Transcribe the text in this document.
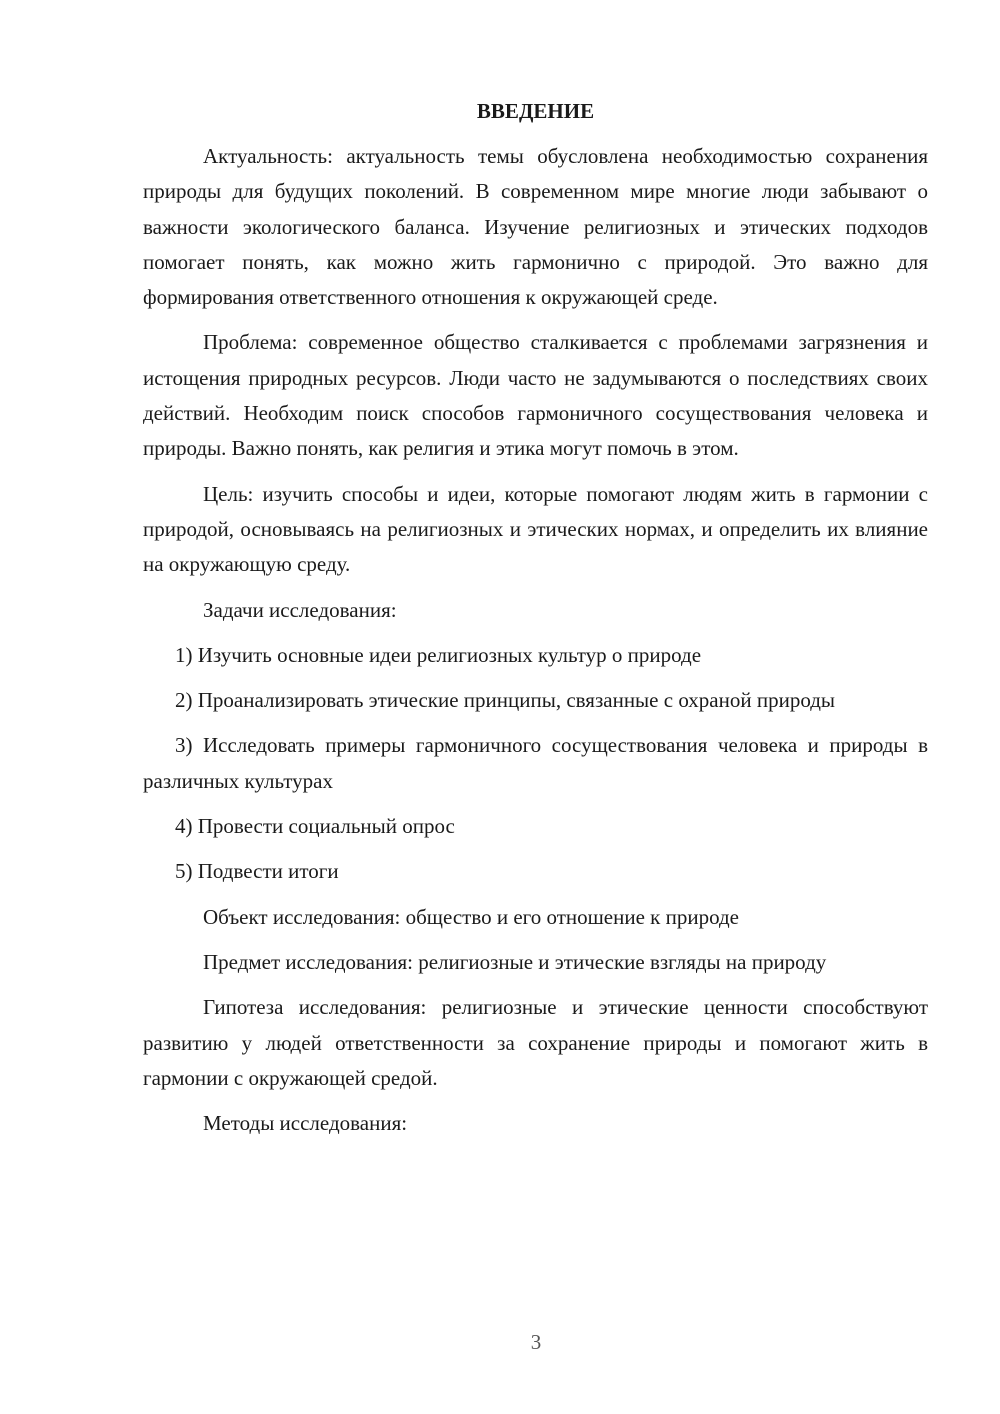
ВВЕДЕНИЕ

Актуальность: актуальность темы обусловлена необходимостью сохранения природы для будущих поколений. В современном мире многие люди забывают о важности экологического баланса. Изучение религиозных и этических подходов помогает понять, как можно жить гармонично с природой. Это важно для формирования ответственного отношения к окружающей среде.

Проблема: современное общество сталкивается с проблемами загрязнения и истощения природных ресурсов. Люди часто не задумываются о последствиях своих действий. Необходим поиск способов гармоничного сосуществования человека и природы. Важно понять, как религия и этика могут помочь в этом.

Цель: изучить способы и идеи, которые помогают людям жить в гармонии с природой, основываясь на религиозных и этических нормах, и определить их влияние на окружающую среду.

Задачи исследования:

1) Изучить основные идеи религиозных культур о природе

2) Проанализировать этические принципы, связанные с охраной природы

3) Исследовать примеры гармоничного сосуществования человека и природы в различных культурах

4) Провести социальный опрос

5) Подвести итоги

Объект исследования: общество и его отношение к природе

Предмет исследования: религиозные и этические взгляды на природу

Гипотеза исследования: религиозные и этические ценности способствуют развитию у людей ответственности за сохранение природы и помогают жить в гармонии с окружающей средой.

Методы исследования:

3
